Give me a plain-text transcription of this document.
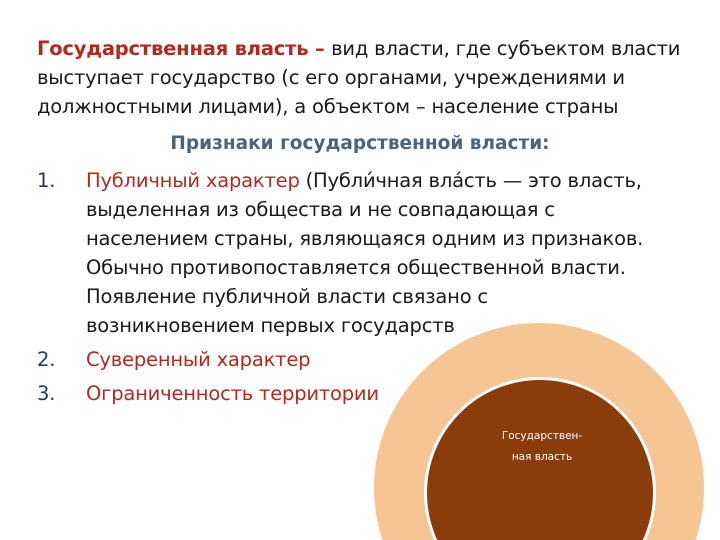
Государственная власть – вид власти, где субъектом власти выступает государство (с его органами, учреждениями и должностными лицами), а объектом – население страны

Признаки государственной власти:
1.	Публичный характер (Публи́чная вла́сть — это власть, выделенная из общества и не совпадающая с населением страны, являющаяся одним из признаков. Обычно противопоставляется общественной власти. Появление публичной власти связано с возникновением первых государств
2.	Суверенный характер
3.	Ограниченность территории
Государствен-
ная власть
